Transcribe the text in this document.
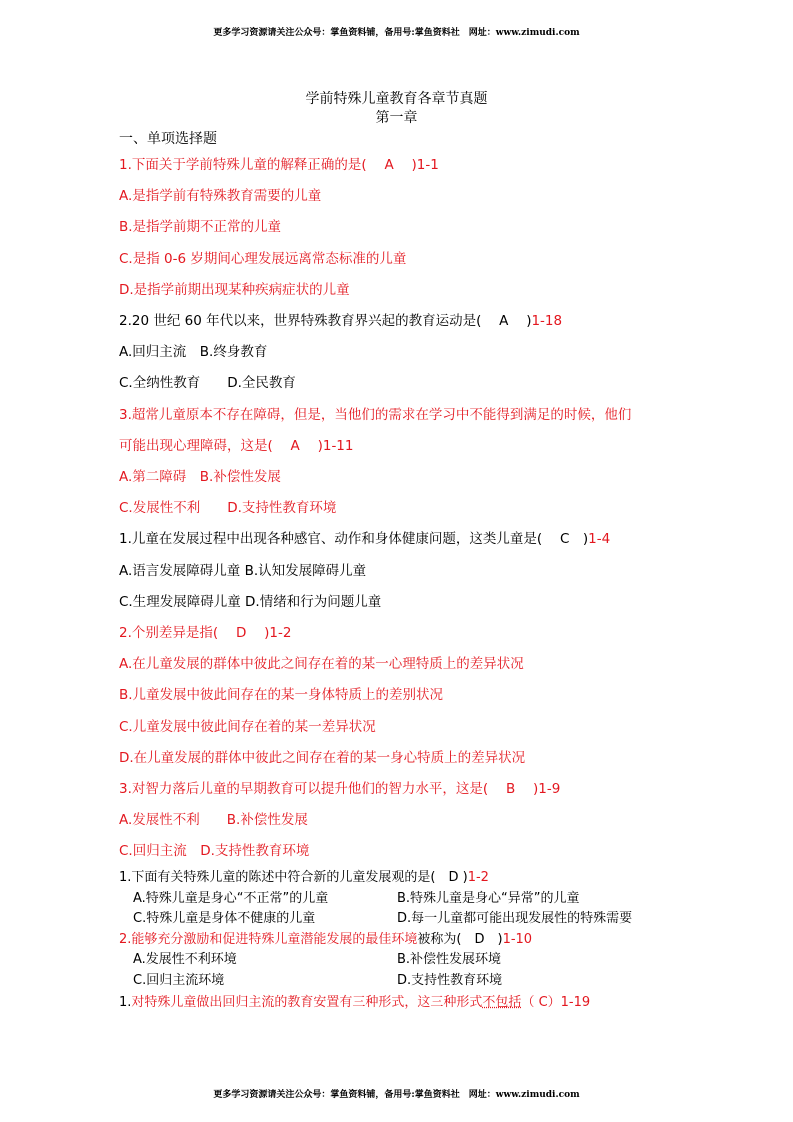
更多学习资源请关注公众号：掌鱼资料铺，备用号:掌鱼资料社　网址：www.zimudi.com
学前特殊儿童教育各章节真题
第一章
一、单项选择题
1.下面关于学前特殊儿童的解释正确的是(　 A　 )1-1
A.是指学前有特殊教育需要的儿童
B.是指学前期不正常的儿童
C.是指 0-6 岁期间心理发展远离常态标准的儿童
D.是指学前期出现某种疾病症状的儿童
2.20 世纪 60 年代以来，世界特殊教育界兴起的教育运动是(　 A　 )1-18
A.回归主流　B.终身教育
C.全纳性教育　　D.全民教育
3.超常儿童原本不存在障碍，但是，当他们的需求在学习中不能得到满足的时候，他们
可能出现心理障碍，这是(　 A　 )1-11
A.第二障碍　B.补偿性发展
C.发展性不利　　D.支持性教育环境
1.儿童在发展过程中出现各种感官、动作和身体健康问题，这类儿童是(　 C　)1-4
A.语言发展障碍儿童 B.认知发展障碍儿童
C.生理发展障碍儿童 D.情绪和行为问题儿童
2.个别差异是指(　 D　 )1-2
A.在儿童发展的群体中彼此之间存在着的某一心理特质上的差异状况
B.儿童发展中彼此间存在的某一身体特质上的差别状况
C.儿童发展中彼此间存在着的某一差异状况
D.在儿童发展的群体中彼此之间存在着的某一身心特质上的差异状况
3.对智力落后儿童的早期教育可以提升他们的智力水平，这是(　 B　 )1-9
A.发展性不利　　B.补偿性发展
C.回归主流　D.支持性教育环境
1.下面有关特殊儿童的陈述中符合新的儿童发展观的是(　D )1-2
A.特殊儿童是身心“不正常”的儿童	B.特殊儿童是身心“异常”的儿童
C.特殊儿童是身体不健康的儿童	D.每一儿童都可能出现发展性的特殊需要
2.能够充分激励和促进特殊儿童潜能发展的最佳环境被称为(　D　)1-10
A.发展性不利环境	B.补偿性发展环境
C.回归主流环境	D.支持性教育环境
1.对特殊儿童做出回归主流的教育安置有三种形式，这三种形式不包括（ C）1-19
更多学习资源请关注公众号：掌鱼资料铺，备用号:掌鱼资料社　网址：www.zimudi.com
